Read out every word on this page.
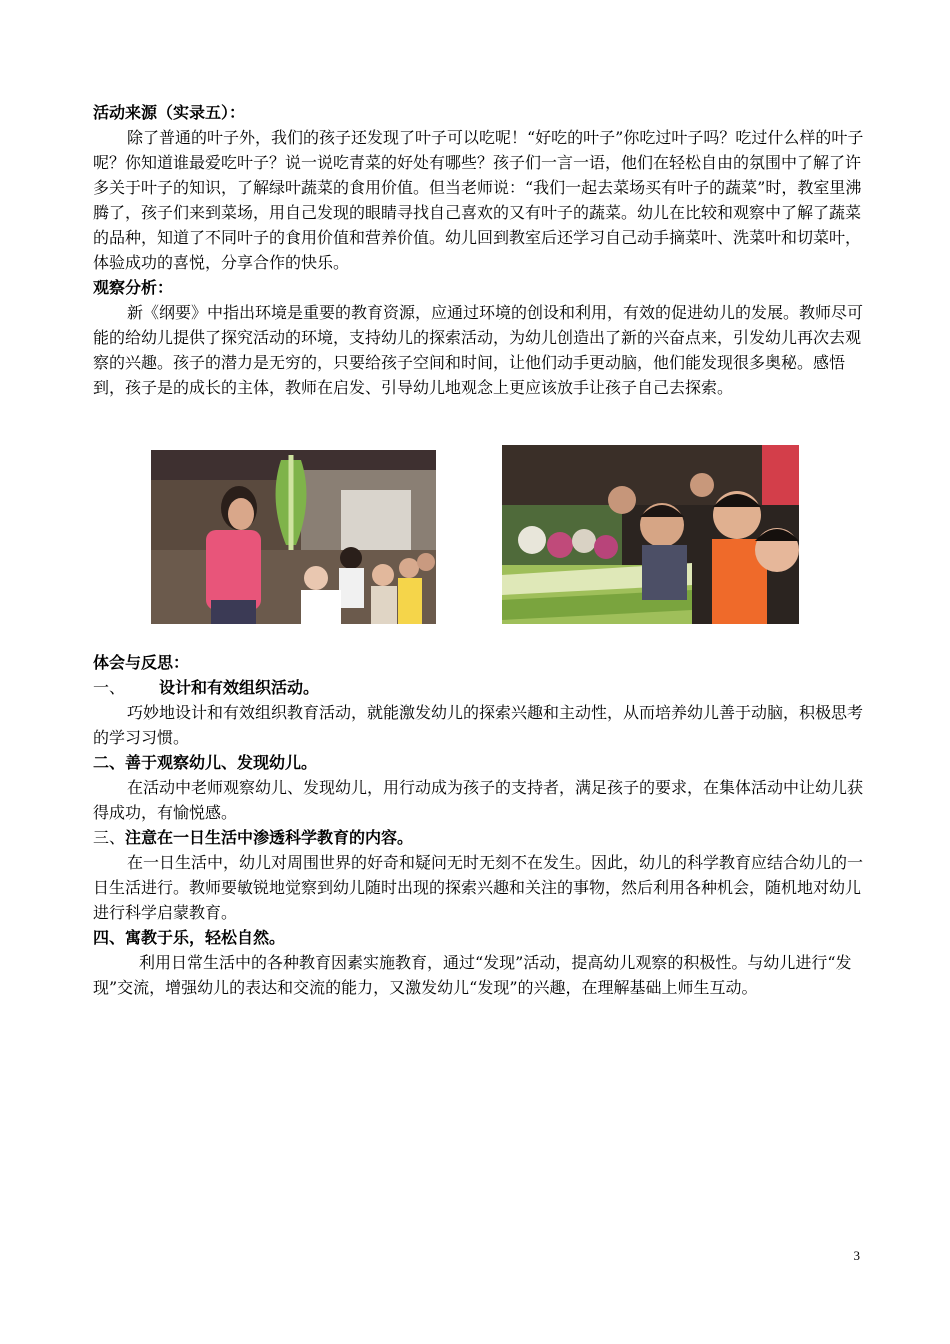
活动来源（实录五）：
除了普通的叶子外，我们的孩子还发现了叶子可以吃呢！“好吃的叶子”你吃过叶子吗？吃过什么样的叶子呢？你知道谁最爱吃叶子？说一说吃青菜的好处有哪些？孩子们一言一语，他们在轻松自由的氛围中了解了许多关于叶子的知识，了解绿叶蔬菜的食用价值。但当老师说：“我们一起去菜场买有叶子的蔬菜”时，教室里沸腾了，孩子们来到菜场，用自己发现的眼睛寻找自己喜欢的又有叶子的蔬菜。幼儿在比较和观察中了解了蔬菜的品种，知道了不同叶子的食用价值和营养价值。幼儿回到教室后还学习自己动手摘菜叶、洗菜叶和切菜叶，体验成功的喜悦，分享合作的快乐。
观察分析：
新《纲要》中指出环境是重要的教育资源，应通过环境的创设和利用，有效的促进幼儿的发展。教师尽可能的给幼儿提供了探究活动的环境，支持幼儿的探索活动，为幼儿创造出了新的兴奋点来，引发幼儿再次去观察的兴趣。孩子的潜力是无穷的，只要给孩子空间和时间，让他们动手更动脑，他们能发现很多奥秘。感悟到，孩子是的成长的主体，教师在启发、引导幼儿地观念上更应该放手让孩子自己去探索。
体会与反思：
一、 设计和有效组织活动。
巧妙地设计和有效组织教育活动，就能激发幼儿的探索兴趣和主动性，从而培养幼儿善于动脑，积极思考的学习习惯。
二、善于观察幼儿、发现幼儿。
在活动中老师观察幼儿、发现幼儿，用行动成为孩子的支持者，满足孩子的要求，在集体活动中让幼儿获得成功，有愉悦感。
三、注意在一日生活中渗透科学教育的内容。
在一日生活中，幼儿对周围世界的好奇和疑问无时无刻不在发生。因此，幼儿的科学教育应结合幼儿的一日生活进行。教师要敏锐地觉察到幼儿随时出现的探索兴趣和关注的事物，然后利用各种机会，随机地对幼儿进行科学启蒙教育。
四、寓教于乐，轻松自然。
利用日常生活中的各种教育因素实施教育，通过“发现”活动，提高幼儿观察的积极性。与幼儿进行“发现”交流，增强幼儿的表达和交流的能力，又激发幼儿“发现”的兴趣，在理解基础上师生互动。
3
